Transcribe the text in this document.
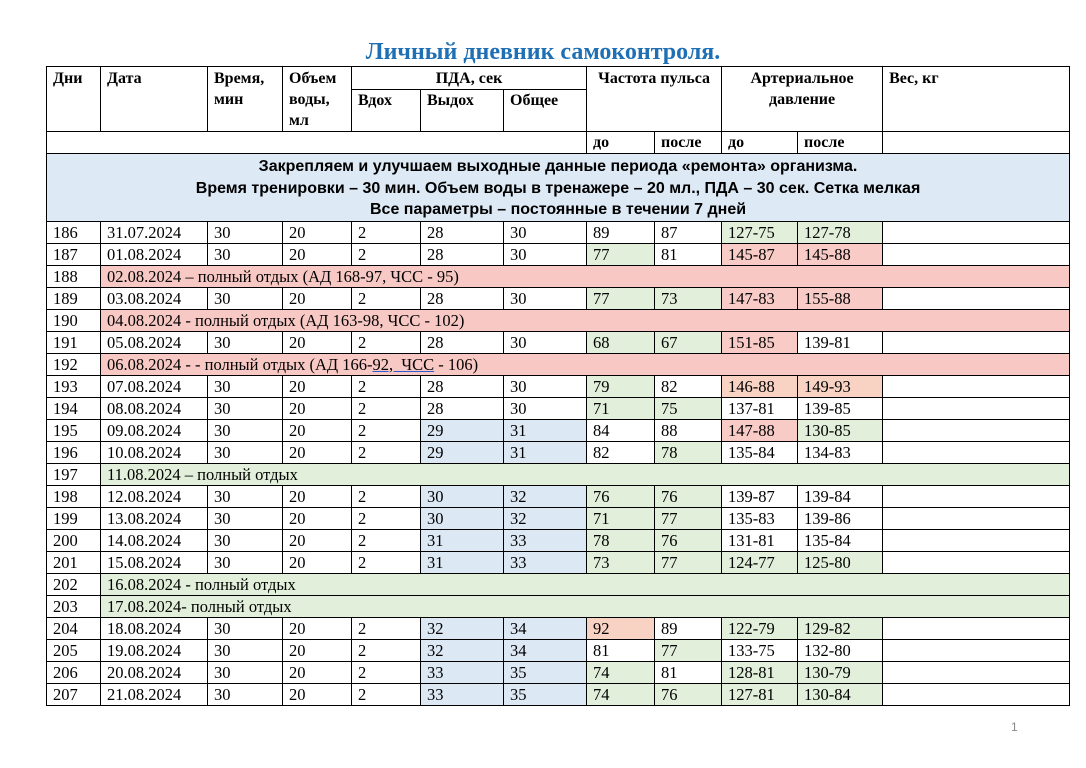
Личный дневник самоконтроля.
Дни	Дата	Время, мин	Объем воды, мл	ПДА, сек			Частота пульса		Артериальное давление		Вес, кг
				Вдох	Выдох	Общее					

							до	после	до	после	

Закрепляем и улучшаем выходные данные периода «ремонта» организма.
Время тренировки – 30 мин. Объем воды в тренажере – 20 мл., ПДА – 30 сек. Сетка мелкая
Все параметры – постоянные в течении 7 дней											

186	31.07.2024	30	20	2	28	30	89	87	127-75	127-78	
187	01.08.2024	30	20	2	28	30	77	81	145-87	145-88	
188	02.08.2024 – полный отдых (АД 168-97, ЧСС - 95)										
189	03.08.2024	30	20	2	28	30	77	73	147-83	155-88	
190	04.08.2024 - полный отдых (АД 163-98, ЧСС - 102)										
191	05.08.2024	30	20	2	28	30	68	67	151-85	139-81	
192	06.08.2024 - - полный отдых (АД 166-92,  ЧСС - 106)										
193	07.08.2024	30	20	2	28	30	79	82	146-88	149-93	
194	08.08.2024	30	20	2	28	30	71	75	137-81	139-85	
195	09.08.2024	30	20	2	29	31	84	88	147-88	130-85	
196	10.08.2024	30	20	2	29	31	82	78	135-84	134-83	
197	11.08.2024 – полный отдых										
198	12.08.2024	30	20	2	30	32	76	76	139-87	139-84	
199	13.08.2024	30	20	2	30	32	71	77	135-83	139-86	
200	14.08.2024	30	20	2	31	33	78	76	131-81	135-84	
201	15.08.2024	30	20	2	31	33	73	77	124-77	125-80	
202	16.08.2024 - полный отдых										
203	17.08.2024- полный отдых										
204	18.08.2024	30	20	2	32	34	92	89	122-79	129-82	
205	19.08.2024	30	20	2	32	34	81	77	133-75	132-80	
206	20.08.2024	30	20	2	33	35	74	81	128-81	130-79	
207	21.08.2024	30	20	2	33	35	74	76	127-81	130-84	
1
